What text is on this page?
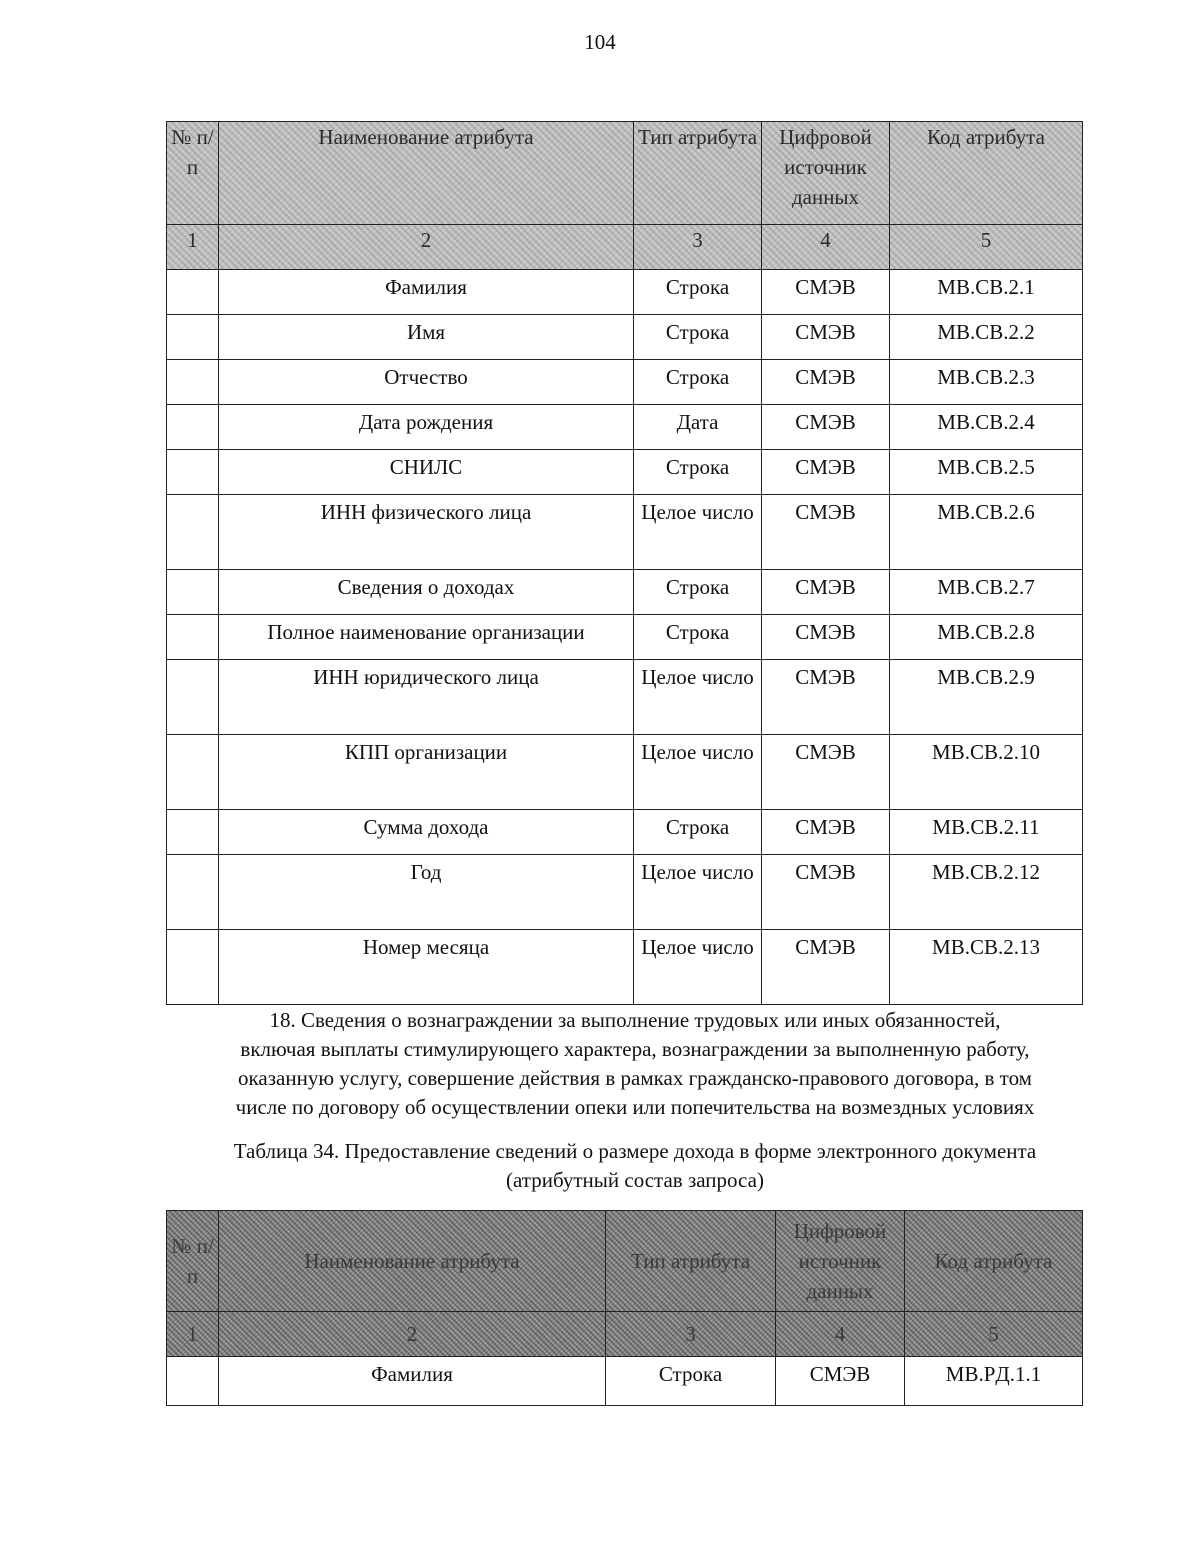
104
№ п/ п	Наименование атрибута	Тип атрибута	Цифровой источник данных	Код атрибута
1	2	3	4	5
	Фамилия	Строка	СМЭВ	MB.CB.2.1
	Имя	Строка	СМЭВ	MB.CB.2.2
	Отчество	Строка	СМЭВ	MB.CB.2.3
	Дата рождения	Дата	СМЭВ	MB.CB.2.4
	СНИЛС	Строка	СМЭВ	MB.CB.2.5
	ИНН физического лица	Целое число	СМЭВ	MB.CB.2.6
	Сведения о доходах	Строка	СМЭВ	MB.CB.2.7
	Полное наименование организации	Строка	СМЭВ	MB.CB.2.8
	ИНН юридического лица	Целое число	СМЭВ	MB.CB.2.9
	КПП организации	Целое число	СМЭВ	MB.CB.2.10
	Сумма дохода	Строка	СМЭВ	MB.CB.2.11
	Год	Целое число	СМЭВ	MB.CB.2.12
	Номер месяца	Целое число	СМЭВ	MB.CB.2.13
18. Сведения о вознаграждении за выполнение трудовых или иных обязанностей,
включая выплаты стимулирующего характера, вознаграждении за выполненную работу,
оказанную услугу, совершение действия в рамках гражданско-правового договора, в том
числе по договору об осуществлении опеки или попечительства на возмездных условиях
Таблица 34. Предоставление сведений о размере дохода в форме электронного документа
(атрибутный состав запроса)
№ п/ п	Наименование атрибута	Тип атрибута	Цифровой источник данных	Код атрибута
1	2	3	4	5
	Фамилия	Строка	СМЭВ	MB.PД.1.1
